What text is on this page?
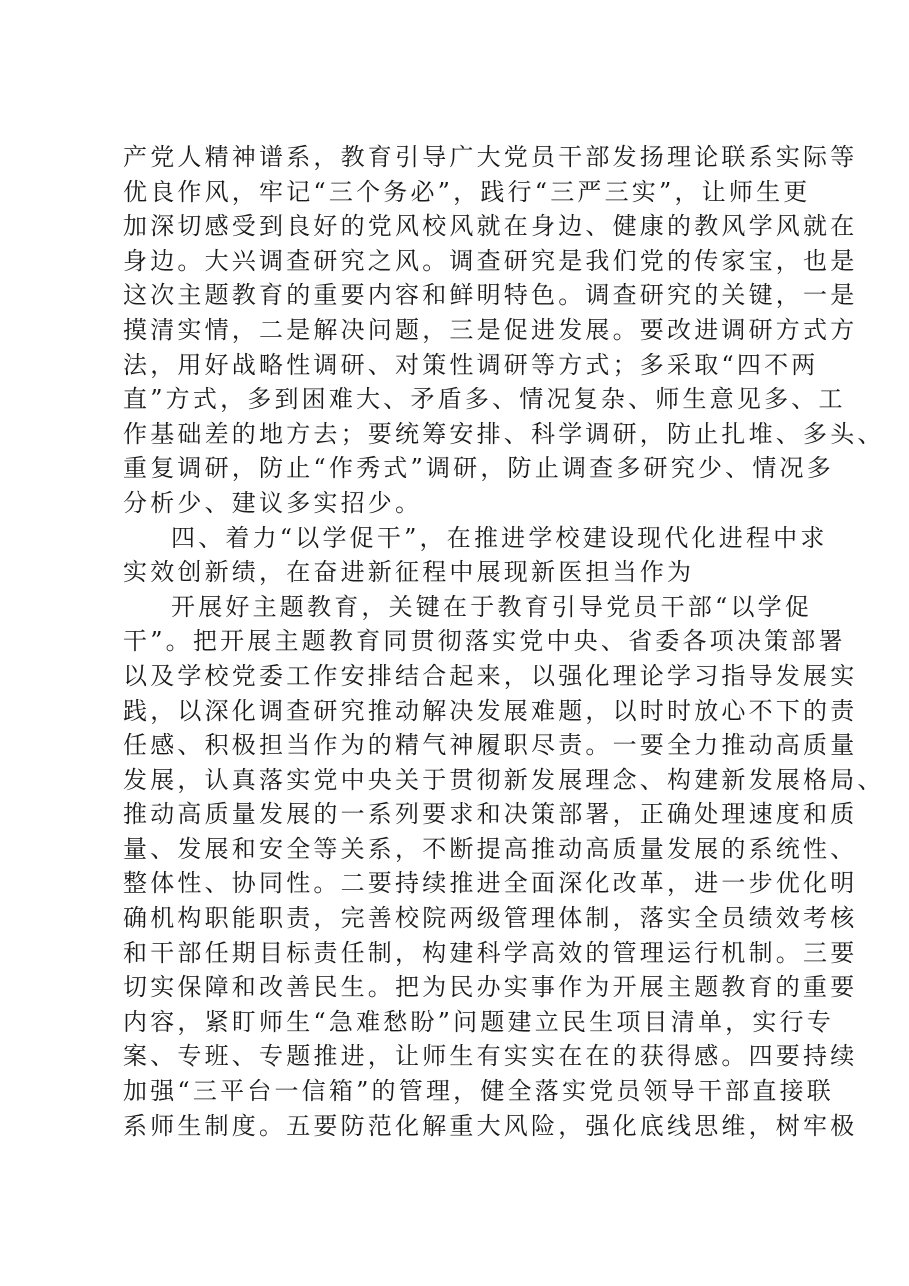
产党人精神谱系，教育引导广大党员干部发扬理论联系实际等
优良作风，牢记“三个务必”，践行“三严三实”，让师生更
加深切感受到良好的党风校风就在身边、健康的教风学风就在
身边。大兴调查研究之风。调查研究是我们党的传家宝，也是
这次主题教育的重要内容和鲜明特色。调查研究的关键，一是
摸清实情，二是解决问题，三是促进发展。要改进调研方式方
法，用好战略性调研、对策性调研等方式；多采取“四不两
直”方式，多到困难大、矛盾多、情况复杂、师生意见多、工
作基础差的地方去；要统筹安排、科学调研，防止扎堆、多头、
重复调研，防止“作秀式”调研，防止调查多研究少、情况多
分析少、建议多实招少。
四、着力“以学促干”，在推进学校建设现代化进程中求
实效创新绩，在奋进新征程中展现新医担当作为
开展好主题教育，关键在于教育引导党员干部“以学促
干”。把开展主题教育同贯彻落实党中央、省委各项决策部署
以及学校党委工作安排结合起来，以强化理论学习指导发展实
践，以深化调查研究推动解决发展难题，以时时放心不下的责
任感、积极担当作为的精气神履职尽责。一要全力推动高质量
发展，认真落实党中央关于贯彻新发展理念、构建新发展格局、
推动高质量发展的一系列要求和决策部署，正确处理速度和质
量、发展和安全等关系，不断提高推动高质量发展的系统性、
整体性、协同性。二要持续推进全面深化改革，进一步优化明
确机构职能职责，完善校院两级管理体制，落实全员绩效考核
和干部任期目标责任制，构建科学高效的管理运行机制。三要
切实保障和改善民生。把为民办实事作为开展主题教育的重要
内容，紧盯师生“急难愁盼”问题建立民生项目清单，实行专
案、专班、专题推进，让师生有实实在在的获得感。四要持续
加强“三平台一信箱”的管理，健全落实党员领导干部直接联
系师生制度。五要防范化解重大风险，强化底线思维，树牢极
